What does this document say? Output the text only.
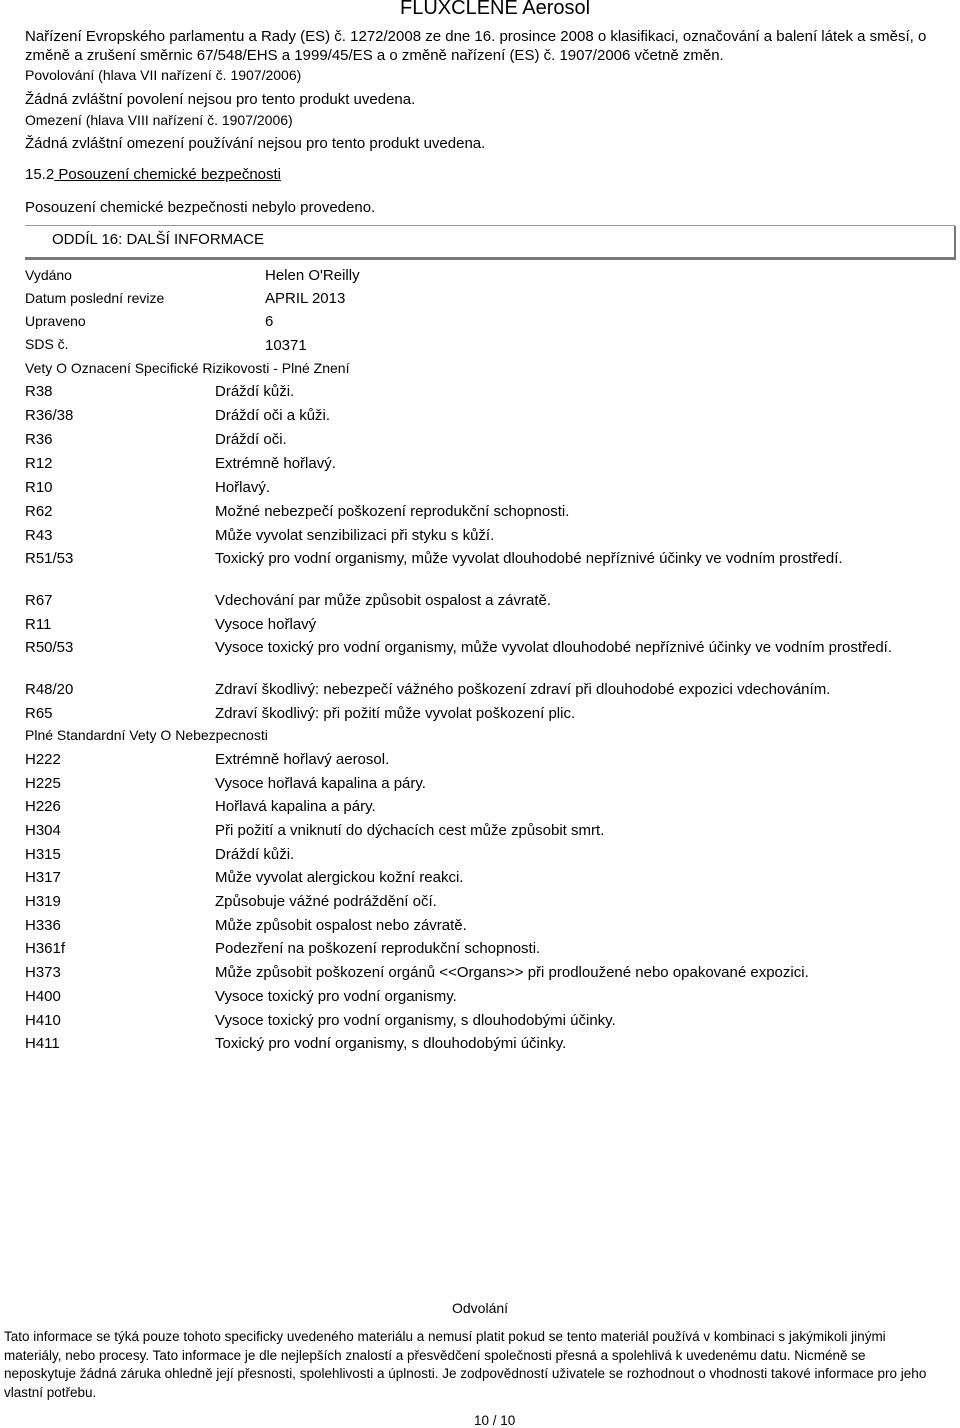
FLUXCLENE Aerosol
Nařízení Evropského parlamentu a Rady (ES) č. 1272/2008 ze dne 16. prosince 2008 o klasifikaci, označování a balení látek a směsí, o změně a zrušení směrnic 67/548/EHS a 1999/45/ES a o změně nařízení (ES) č. 1907/2006 včetně změn.
Povolování (hlava VII nařízení č. 1907/2006)
Žádná zvláštní povolení nejsou pro tento produkt uvedena.
Omezení (hlava VIII nařízení č. 1907/2006)
Žádná zvláštní omezení používání nejsou pro tento produkt uvedena.
15.2 Posouzení chemické bezpečnosti
Posouzení chemické bezpečnosti nebylo provedeno.
ODDÍL 16: DALŠÍ INFORMACE
Vydáno	Helen O'Reilly
Datum poslední revize	APRIL 2013
Upraveno	6
SDS č.	10371
Vety O Oznacení Specifické Rizikovosti - Plné Znení
R38	Dráždí kůži.
R36/38	Dráždí oči a kůži.
R36	Dráždí oči.
R12	Extrémně hořlavý.
R10	Hořlavý.
R62	Možné nebezpečí poškození reprodukční schopnosti.
R43	Může vyvolat senzibilizaci při styku s kůží.
R51/53	Toxický pro vodní organismy, může vyvolat dlouhodobé nepříznivé účinky ve vodním prostředí.
R67	Vdechování par může způsobit ospalost a závratě.
R11	Vysoce hořlavý
R50/53	Vysoce toxický pro vodní organismy, může vyvolat dlouhodobé nepříznivé účinky ve vodním prostředí.
R48/20	Zdraví škodlivý: nebezpečí vážného poškození zdraví při dlouhodobé expozici vdechováním.
R65	Zdraví škodlivý: při požití může vyvolat poškození plic.
Plné Standardní Vety O Nebezpecnosti
H222	Extrémně hořlavý aerosol.
H225	Vysoce hořlavá kapalina a páry.
H226	Hořlavá kapalina a páry.
H304	Při požití a vniknutí do dýchacích cest může způsobit smrt.
H315	Dráždí kůži.
H317	Může vyvolat alergickou kožní reakci.
H319	Způsobuje vážné podráždění očí.
H336	Může způsobit ospalost nebo závratě.
H361f	Podezření na poškození reprodukční schopnosti.
H373	Může způsobit poškození orgánů <<Organs>> při prodloužené nebo opakované expozici.
H400	Vysoce toxický pro vodní organismy.
H410	Vysoce toxický pro vodní organismy, s dlouhodobými účinky.
H411	Toxický pro vodní organismy, s dlouhodobými účinky.
Odvolání
Tato informace se týká pouze tohoto specificky uvedeného materiálu a nemusí platit pokud se tento materiál používá v kombinaci s jakýmikoli jinými materiály, nebo procesy. Tato informace je dle nejlepších znalostí a přesvědčení společnosti přesná a spolehlivá k uvedenému datu. Nicméně se neposkytuje žádná záruka ohledně její přesnosti, spolehlivosti a úplnosti. Je zodpovědností uživatele se rozhodnout o vhodnosti takové informace pro jeho vlastní potřebu.
10 / 10
